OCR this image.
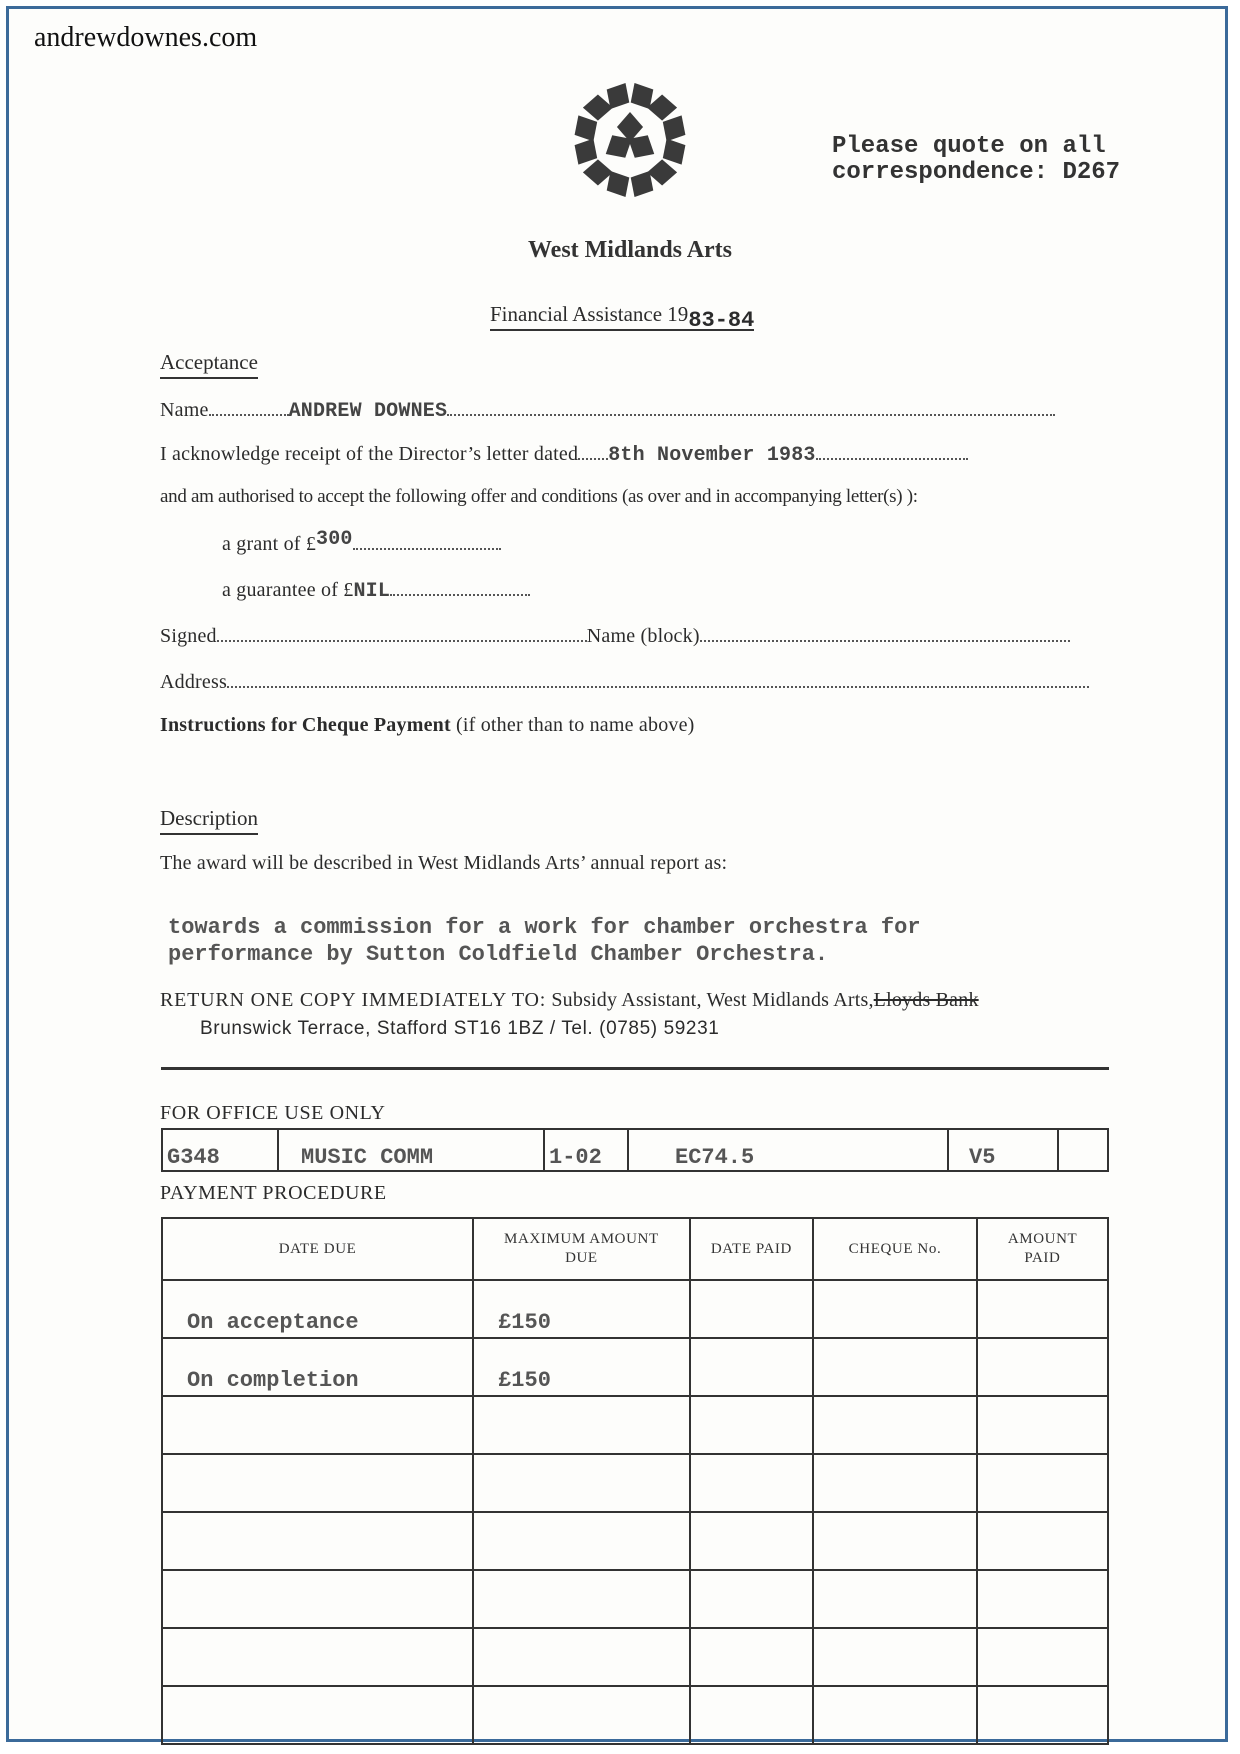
andrewdownes.com
Please quote on all
correspondence: D267
West Midlands Arts
Financial Assistance 1983-84
Acceptance
Name	ANDREW DOWNES
I acknowledge receipt of the Director’s letter dated 8th November 1983
and am authorised to accept the following offer and conditions (as over and in accompanying letter(s) ):
a grant of £300
a guarantee of £NIL
Signed	Name (block)
Address
Instructions for Cheque Payment (if other than to name above)
Description
The award will be described in West Midlands Arts’ annual report as:
towards a commission for a work for chamber orchestra for
performance by Sutton Coldfield Chamber Orchestra.
RETURN ONE COPY IMMEDIATELY TO: Subsidy Assistant, West Midlands Arts,Lloyds Bank
Brunswick Terrace, Stafford ST16 1BZ / Tel. (0785) 59231
FOR OFFICE USE ONLY
G348	MUSIC COMM	1-02	EC74.5	V5	
PAYMENT PROCEDURE
DATE DUE	MAXIMUM AMOUNT DUE	DATE PAID	CHEQUE No.	AMOUNT PAID
On acceptance	£150			
On completion	£150			
